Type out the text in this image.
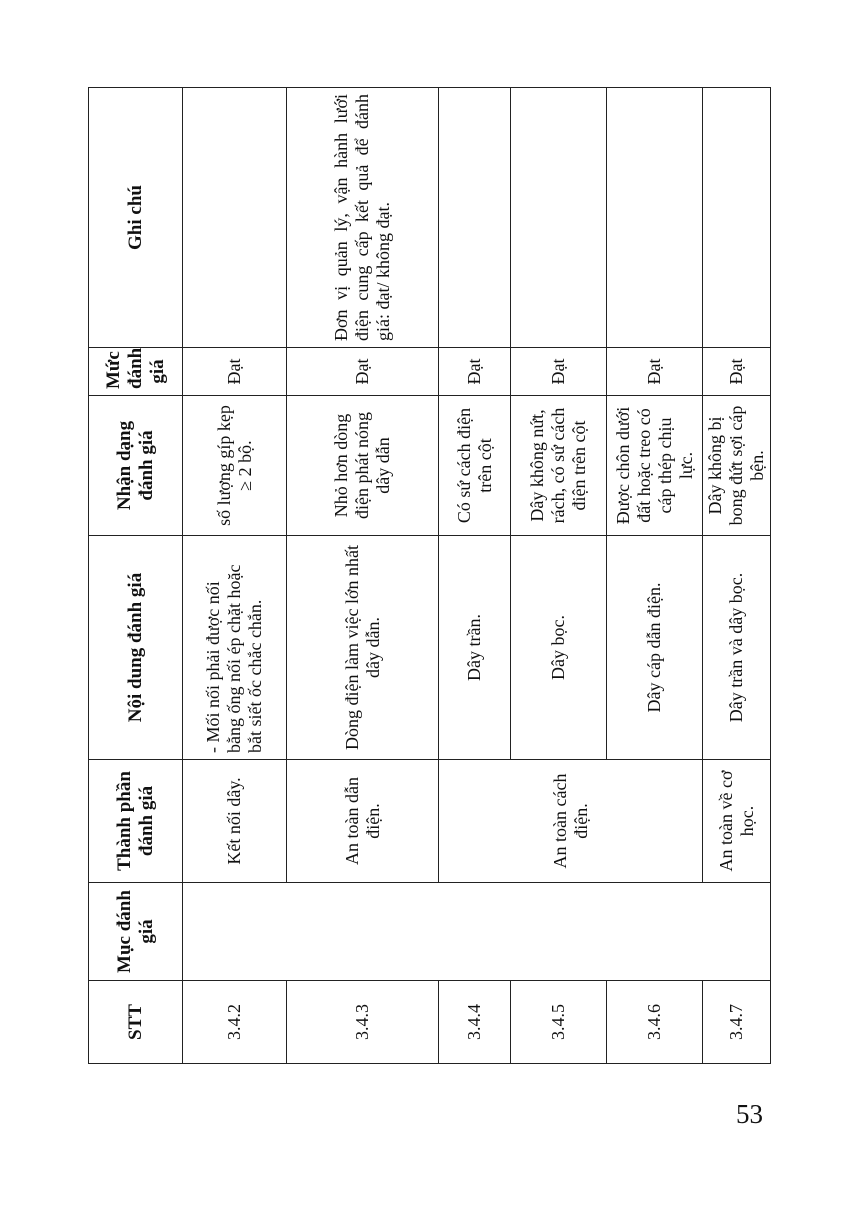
STT	Mục đánh giá	Thành phần đánh giá	Nội dung đánh giá	Nhận dạng đánh giá	Mức đánh giá	Ghi chú
3.4.2		Kết nối dây.	- Mối nối phải được nối bằng ống nối ép chặt hoặc bắt siết ốc chắc chắn.	số lượng gíp kẹp ≥ 2 bộ.	Đạt	
3.4.3		An toàn dẫn điện.	Dòng điện làm việc lớn nhất dây dẫn.	Nhỏ hơn dòng điện phát nóng dây dẫn	Đạt	Đơn vị quản lý, vận hành lưới điện cung cấp kết quả để đánh giá: đạt/ không đạt.
3.4.4		An toàn cách điện.	Dây trần.	Có sứ cách điện trên cột	Đạt	
3.4.5			Dây bọc.	Dây không nứt, rách, có sứ cách điện trên cột	Đạt	
3.4.6			Dây cáp dẫn điện.	Được chôn dưới đất hoặc treo có cáp thép chịu lực.	Đạt	
3.4.7		An toàn về cơ học.	Dây trần và dây bọc.	Dây không bị bong đứt sợi cáp bện.	Đạt	
53
